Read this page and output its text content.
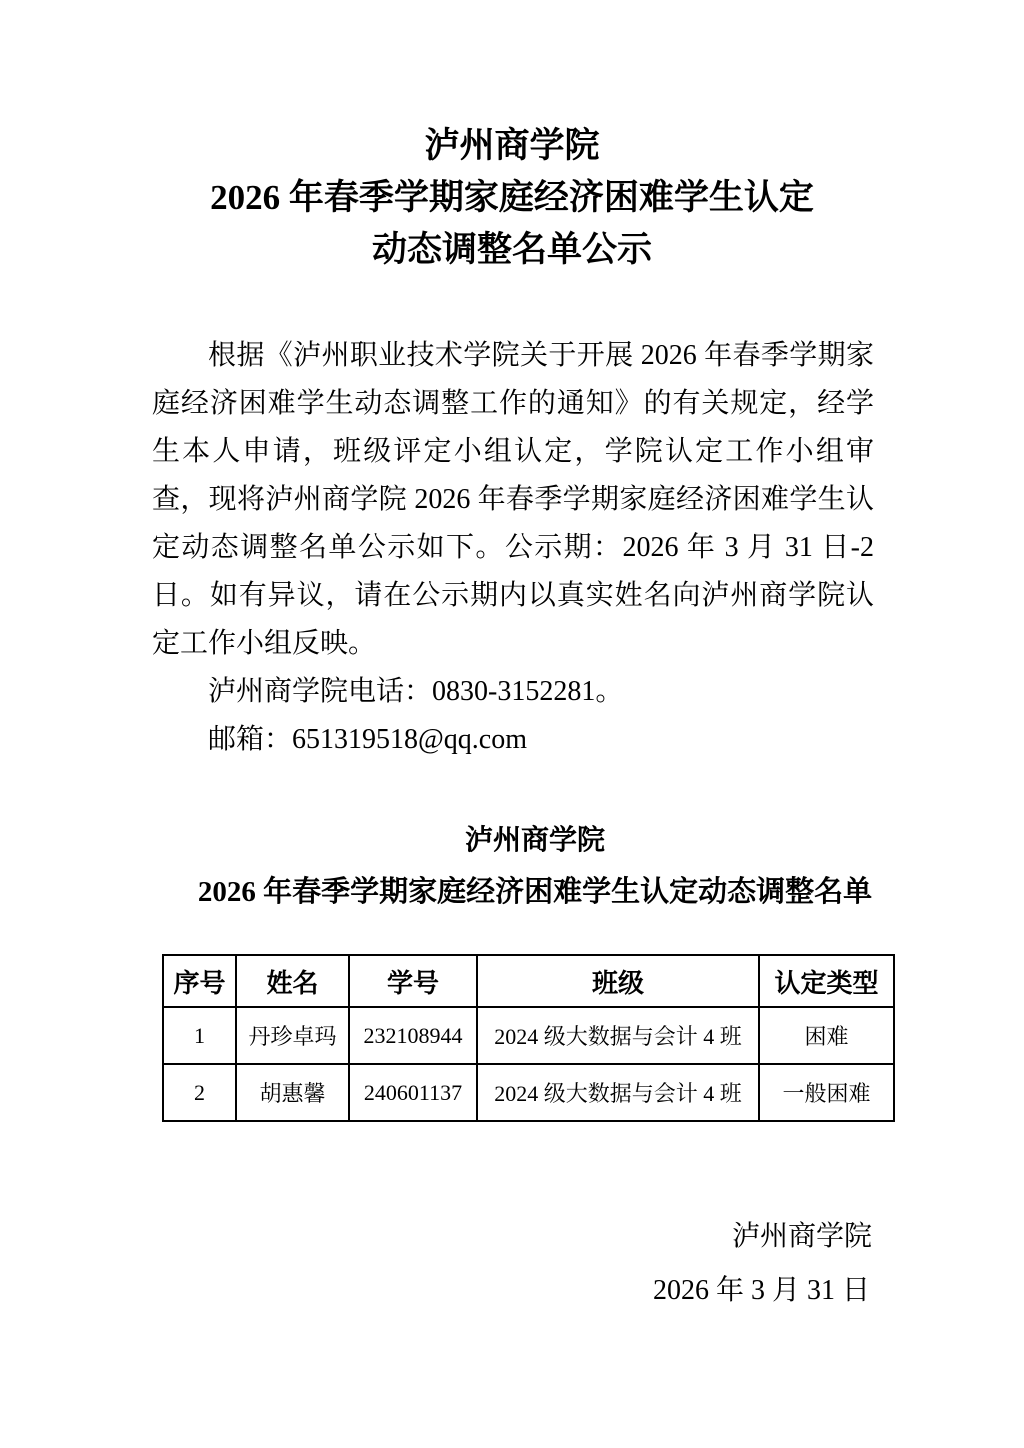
泸州商学院
2026 年春季学期家庭经济困难学生认定
动态调整名单公示
根据《泸州职业技术学院关于开展 2026 年春季学期家庭经济困难学生动态调整工作的通知》的有关规定，经学生本人申请，班级评定小组认定，学院认定工作小组审查，现将泸州商学院 2026 年春季学期家庭经济困难学生认定动态调整名单公示如下。公示期：2026 年 3 月 31 日-2 日。如有异议，请在公示期内以真实姓名向泸州商学院认定工作小组反映。
泸州商学院电话：0830-3152281。
邮箱：651319518@qq.com
泸州商学院
2026 年春季学期家庭经济困难学生认定动态调整名单
序号	姓名	学号	班级	认定类型
1	丹珍卓玛	232108944	2024 级大数据与会计 4 班	困难
2	胡惠馨	240601137	2024 级大数据与会计 4 班	一般困难
泸州商学院
2026 年 3 月 31 日
